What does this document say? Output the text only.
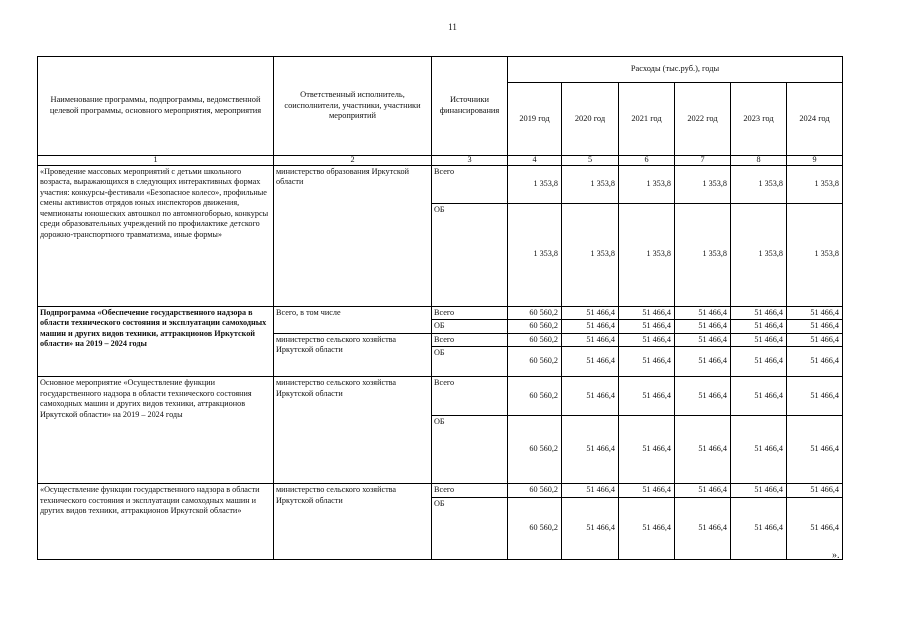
11
Наименование программы, подпрограммы, ведомственной целевой программы, основного мероприятия, мероприятия	Ответственный исполнитель, соисполнители, участники, участники мероприятий	Источники финансирования	Расходы (тыс.руб.), годы					
			2019 год	2020 год	2021 год	2022 год	2023 год	2024 год
1	2	3	4	5	6	7	8	9
«Проведение массовых мероприятий с детьми школьного возраста, выражающихся в следующих интерактивных формах участия: конкурсы-фестивали «Безопасное колесо», профильные смены активистов отрядов юных инспекторов движения, чемпионаты юношеских автошкол по автомногоборью, конкурсы среди образовательных учреждений по профилактике детского дорожно-транспортного травматизма, иные формы»	министерство образования Иркутской области	Всего	1 353,8	1 353,8	1 353,8	1 353,8	1 353,8	1 353,8
		ОБ	1 353,8	1 353,8	1 353,8	1 353,8	1 353,8	1 353,8
Подпрограмма «Обеспечение государственного надзора в области технического состояния и эксплуатации самоходных машин и других видов техники, аттракционов Иркутской области» на 2019 – 2024 годы	Всего, в том числе	Всего	60 560,2	51 466,4	51 466,4	51 466,4	51 466,4	51 466,4
		ОБ	60 560,2	51 466,4	51 466,4	51 466,4	51 466,4	51 466,4
	министерство сельского хозяйства Иркутской области	Всего	60 560,2	51 466,4	51 466,4	51 466,4	51 466,4	51 466,4
		ОБ	60 560,2	51 466,4	51 466,4	51 466,4	51 466,4	51 466,4
Основное мероприятие «Осуществление функции государственного надзора в области технического состояния самоходных машин и других видов техники, аттракционов Иркутской области» на 2019 – 2024 годы	министерство сельского хозяйства Иркутской области	Всего	60 560,2	51 466,4	51 466,4	51 466,4	51 466,4	51 466,4
		ОБ	60 560,2	51 466,4	51 466,4	51 466,4	51 466,4	51 466,4
«Осуществление функции государственного надзора в области технического состояния и эксплуатации самоходных машин и других видов техники, аттракционов Иркутской области»	министерство сельского хозяйства Иркутской области	Всего	60 560,2	51 466,4	51 466,4	51 466,4	51 466,4	51 466,4
		ОБ	60 560,2	51 466,4	51 466,4	51 466,4	51 466,4	51 466,4
».
